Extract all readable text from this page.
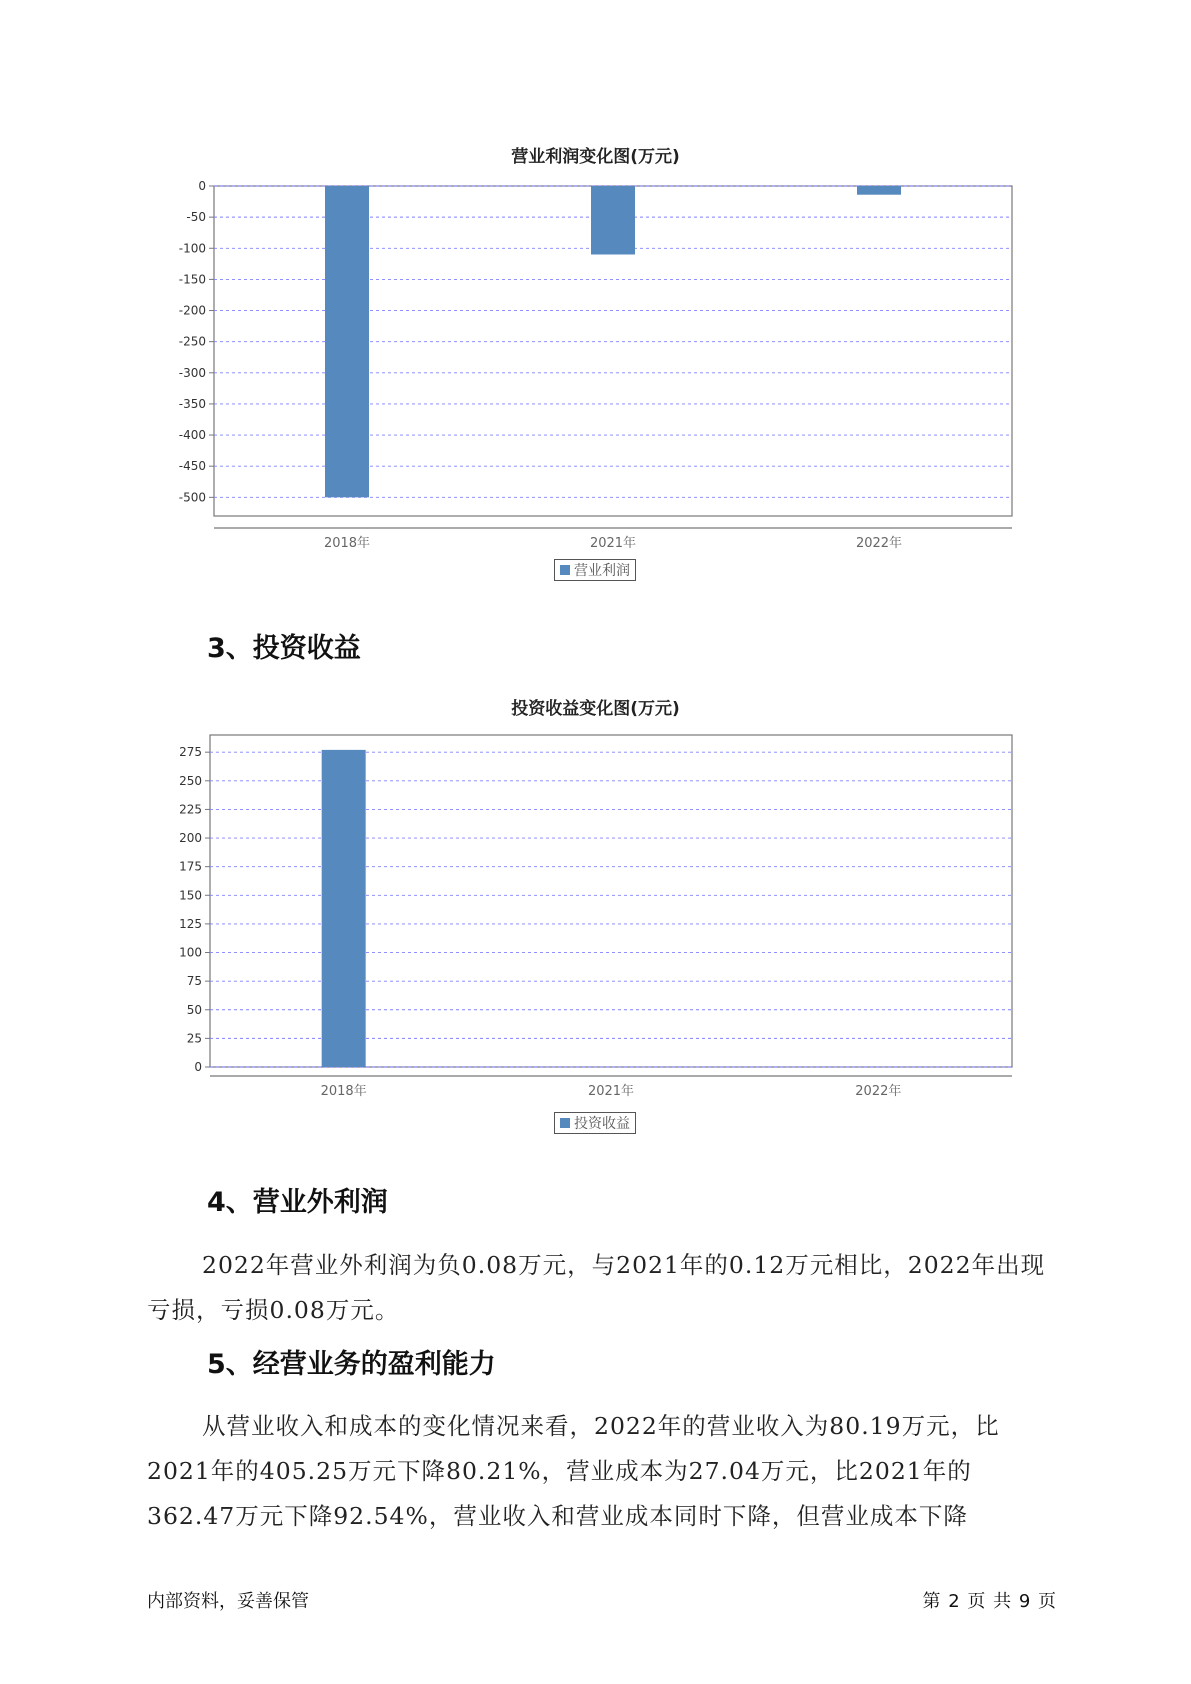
营业利润变化图(万元)
0
-50
-100
-150
-200
-250
-300
-350
-400
-450
-500
2018年	2021年	2022年
营业利润
3、投资收益
投资收益变化图(万元)
0
25
50
75
100
125
150
175
200
225
250
275
2018年	2021年	2022年
投资收益
4、营业外利润

2022年营业外利润为负0.08万元，与2021年的0.12万元相比，2022年出现亏损，亏损0.08万元。

5、经营业务的盈利能力

从营业收入和成本的变化情况来看，2022年的营业收入为80.19万元，比2021年的405.25万元下降80.21%，营业成本为27.04万元，比2021年的362.47万元下降92.54%，营业收入和营业成本同时下降，但营业成本下降

内部资料，妥善保管	第 2 页 共 9 页
